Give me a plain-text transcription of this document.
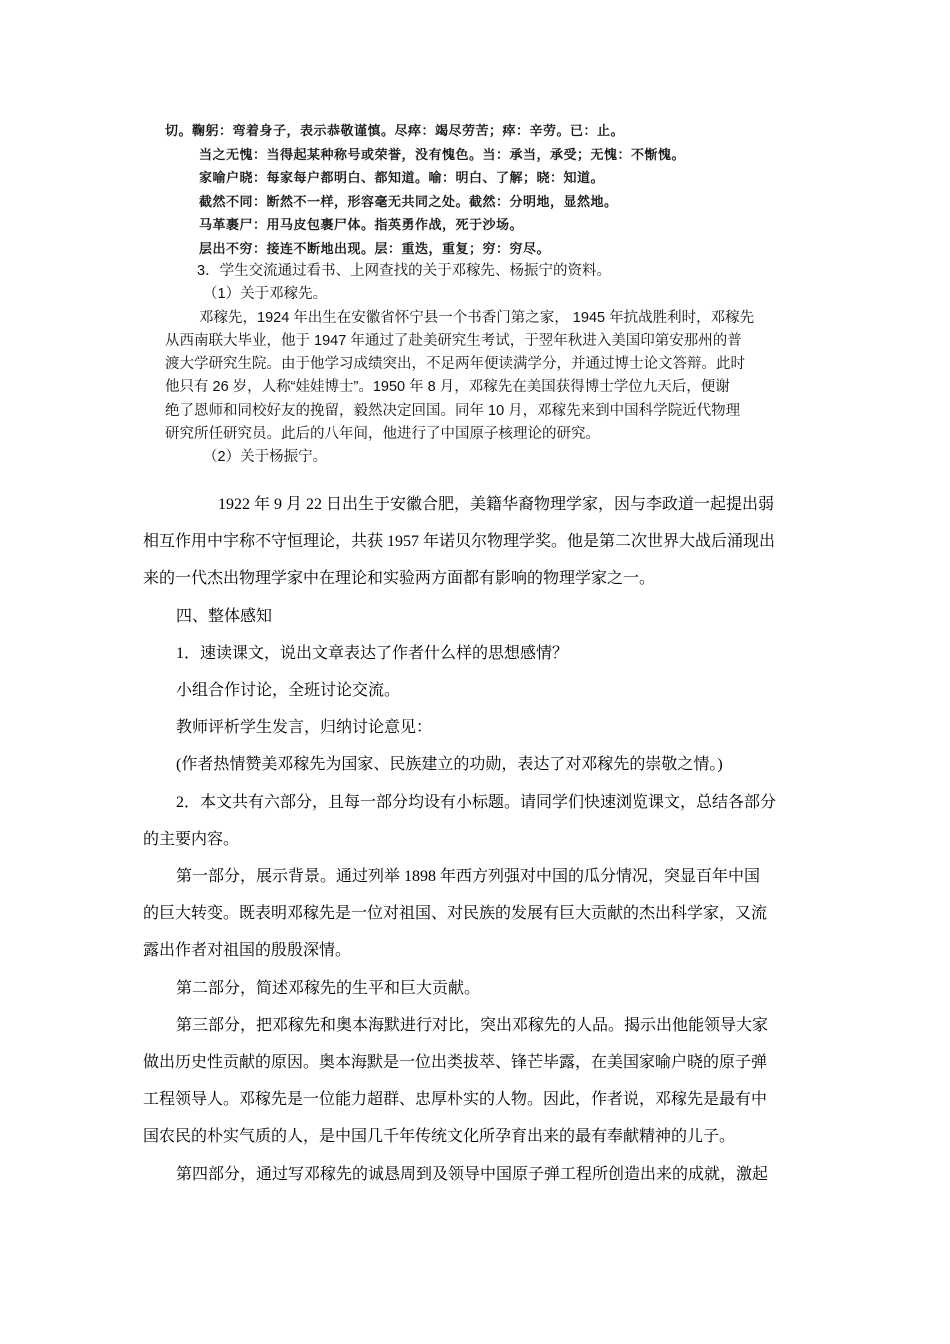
切。鞠躬：弯着身子，表示恭敬谨慎。尽瘁：竭尽劳苦；瘁：辛劳。已：止。
当之无愧：当得起某种称号或荣誉，没有愧色。当：承当，承受；无愧：不惭愧。
家喻户晓：每家每户都明白、都知道。喻：明白、了解；晓：知道。
截然不同：断然不一样，形容毫无共同之处。截然：分明地，显然地。
马革裹尸：用马皮包裹尸体。指英勇作战，死于沙场。
层出不穷：接连不断地出现。层：重迭，重复；穷：穷尽。
3．学生交流通过看书、上网查找的关于邓稼先、杨振宁的资料。
（1）关于邓稼先。
邓稼先，1924 年出生在安徽省怀宁县一个书香门第之家， 1945 年抗战胜利时，邓稼先
从西南联大毕业，他于 1947 年通过了赴美研究生考试，于翌年秋进入美国印第安那州的普
渡大学研究生院。由于他学习成绩突出，不足两年便读满学分，并通过博士论文答辩。此时
他只有 26 岁，人称“娃娃博士”。1950 年 8 月，邓稼先在美国获得博士学位九天后，便谢
绝了恩师和同校好友的挽留，毅然决定回国。同年 10 月，邓稼先来到中国科学院近代物理
研究所任研究员。此后的八年间，他进行了中国原子核理论的研究。
（2）关于杨振宁。
1922 年 9 月 22 日出生于安徽合肥，美籍华裔物理学家，因与李政道一起提出弱
相互作用中宇称不守恒理论，共获 1957 年诺贝尔物理学奖。他是第二次世界大战后涌现出
来的一代杰出物理学家中在理论和实验两方面都有影响的物理学家之一。
四、整体感知
1．速读课文，说出文章表达了作者什么样的思想感情？
小组合作讨论，全班讨论交流。
教师评析学生发言，归纳讨论意见：
(作者热情赞美邓稼先为国家、民族建立的功勋，表达了对邓稼先的崇敬之情。)
2．本文共有六部分，且每一部分均设有小标题。请同学们快速浏览课文，总结各部分
的主要内容。
第一部分，展示背景。通过列举 1898 年西方列强对中国的瓜分情况，突显百年中国
的巨大转变。既表明邓稼先是一位对祖国、对民族的发展有巨大贡献的杰出科学家，又流
露出作者对祖国的殷殷深情。
第二部分，简述邓稼先的生平和巨大贡献。
第三部分，把邓稼先和奥本海默进行对比，突出邓稼先的人品。揭示出他能领导大家
做出历史性贡献的原因。奥本海默是一位出类拔萃、锋芒毕露，在美国家喻户晓的原子弹
工程领导人。邓稼先是一位能力超群、忠厚朴实的人物。因此，作者说，邓稼先是最有中
国农民的朴实气质的人，是中国几千年传统文化所孕育出来的最有奉献精神的儿子。
第四部分，通过写邓稼先的诚恳周到及领导中国原子弹工程所创造出来的成就，激起
